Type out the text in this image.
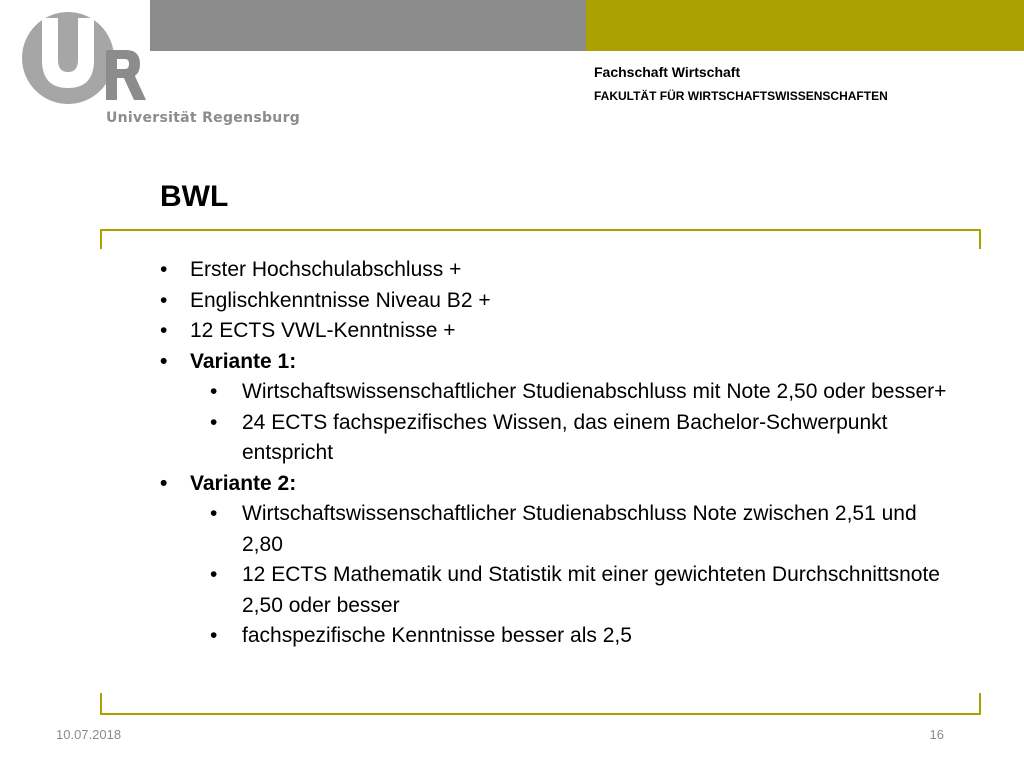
Universität Regensburg
Fachschaft Wirtschaft
FAKULTÄT FÜR WIRTSCHAFTSWISSENSCHAFTEN
BWL
• Erster Hochschulabschluss +
• Englischkenntnisse Niveau B2 +
• 12 ECTS VWL-Kenntnisse +
• Variante 1:
• Wirtschaftswissenschaftlicher Studienabschluss mit Note 2,50 oder besser+
• 24 ECTS fachspezifisches Wissen, das einem Bachelor-Schwerpunkt entspricht
• Variante 2:
• Wirtschaftswissenschaftlicher Studienabschluss Note zwischen 2,51 und 2,80
• 12 ECTS Mathematik und Statistik mit einer gewichteten Durchschnittsnote 2,50 oder besser
• fachspezifische Kenntnisse besser als 2,5
10.07.2018	16
